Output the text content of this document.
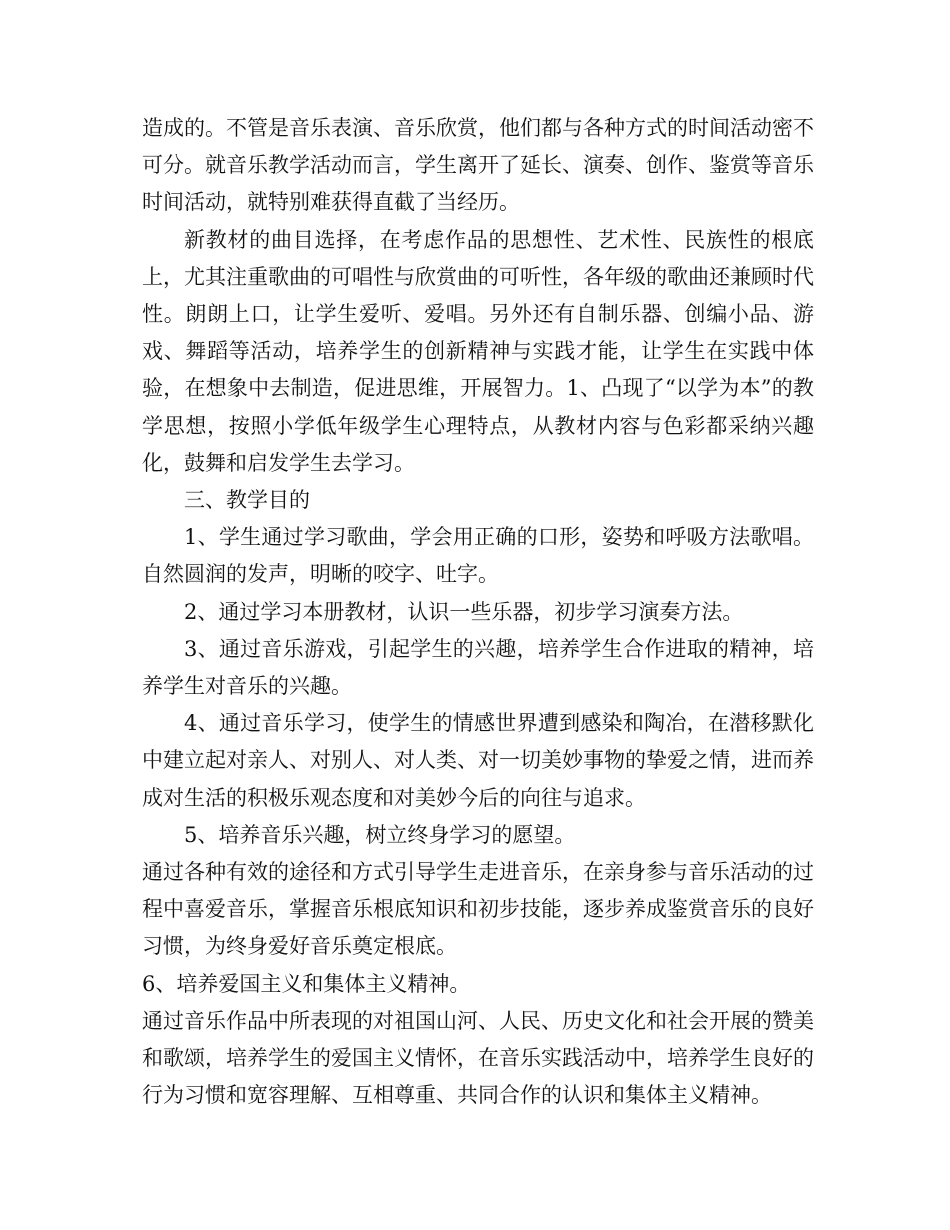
造成的。不管是音乐表演、音乐欣赏，他们都与各种方式的时间活动密不可分。就音乐教学活动而言，学生离开了延长、演奏、创作、鉴赏等音乐时间活动，就特别难获得直截了当经历。

新教材的曲目选择，在考虑作品的思想性、艺术性、民族性的根底上，尤其注重歌曲的可唱性与欣赏曲的可听性，各年级的歌曲还兼顾时代性。朗朗上口，让学生爱听、爱唱。另外还有自制乐器、创编小品、游戏、舞蹈等活动，培养学生的创新精神与实践才能，让学生在实践中体验，在想象中去制造，促进思维，开展智力。1、凸现了“以学为本”的教学思想，按照小学低年级学生心理特点，从教材内容与色彩都采纳兴趣化，鼓舞和启发学生去学习。

三、教学目的

1、学生通过学习歌曲，学会用正确的口形，姿势和呼吸方法歌唱。自然圆润的发声，明晰的咬字、吐字。

2、通过学习本册教材，认识一些乐器，初步学习演奏方法。

3、通过音乐游戏，引起学生的兴趣，培养学生合作进取的精神，培养学生对音乐的兴趣。

4、通过音乐学习，使学生的情感世界遭到感染和陶冶，在潜移默化中建立起对亲人、对别人、对人类、对一切美妙事物的挚爱之情，进而养成对生活的积极乐观态度和对美妙今后的向往与追求。

5、培养音乐兴趣，树立终身学习的愿望。

通过各种有效的途径和方式引导学生走进音乐，在亲身参与音乐活动的过程中喜爱音乐，掌握音乐根底知识和初步技能，逐步养成鉴赏音乐的良好习惯，为终身爱好音乐奠定根底。

6、培养爱国主义和集体主义精神。

通过音乐作品中所表现的对祖国山河、人民、历史文化和社会开展的赞美和歌颂，培养学生的爱国主义情怀，在音乐实践活动中，培养学生良好的行为习惯和宽容理解、互相尊重、共同合作的认识和集体主义精神。
